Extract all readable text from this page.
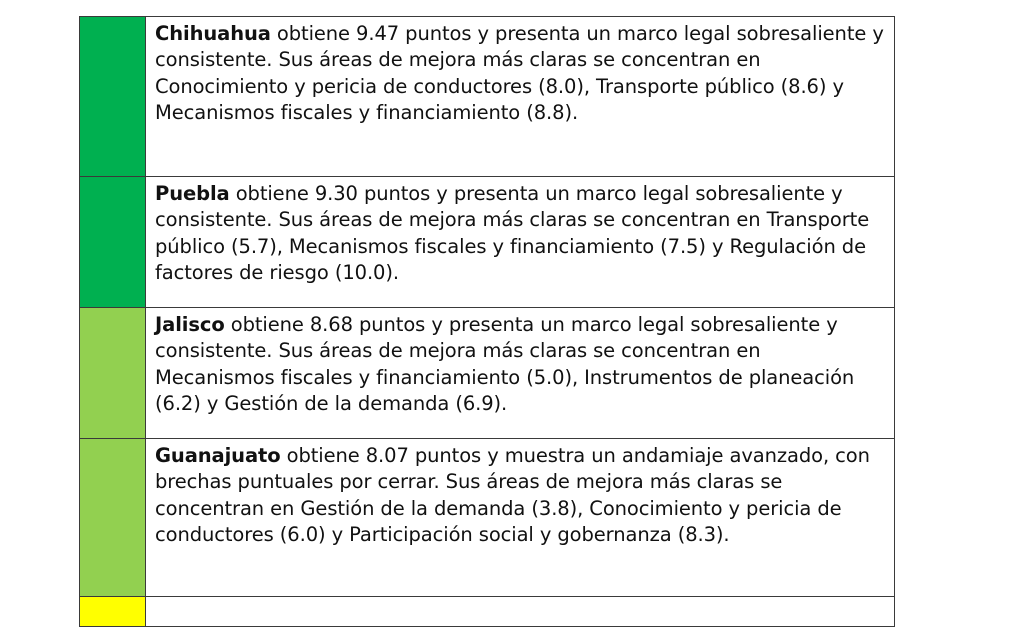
Chihuahua obtiene 9.47 puntos y presenta un marco legal sobresaliente y consistente. Sus áreas de mejora más claras se concentran en Conocimiento y pericia de conductores (8.0), Transporte público (8.6) y Mecanismos fiscales y financiamiento (8.8).
Puebla obtiene 9.30 puntos y presenta un marco legal sobresaliente y consistente. Sus áreas de mejora más claras se concentran en Transporte público (5.7), Mecanismos fiscales y financiamiento (7.5) y Regulación de factores de riesgo (10.0).
Jalisco obtiene 8.68 puntos y presenta un marco legal sobresaliente y consistente. Sus áreas de mejora más claras se concentran en Mecanismos fiscales y financiamiento (5.0), Instrumentos de planeación (6.2) y Gestión de la demanda (6.9).
Guanajuato obtiene 8.07 puntos y muestra un andamiaje avanzado, con brechas puntuales por cerrar. Sus áreas de mejora más claras se concentran en Gestión de la demanda (3.8), Conocimiento y pericia de conductores (6.0) y Participación social y gobernanza (8.3).
